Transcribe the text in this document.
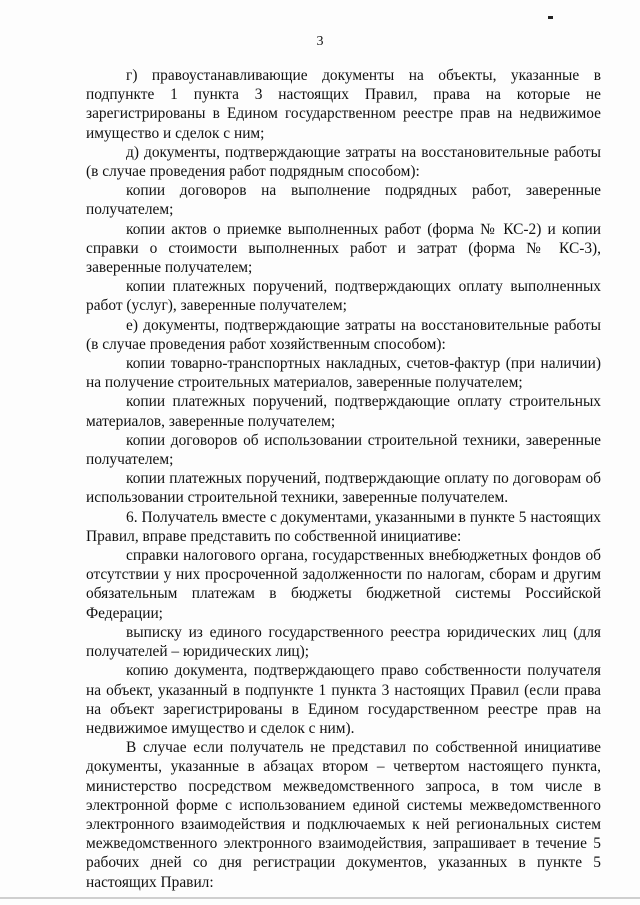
3

г) правоустанавливающие документы на объекты, указанные в подпункте 1 пункта 3 настоящих Правил, права на которые не зарегистрированы в Едином государственном реестре прав на недвижимое имущество и сделок с ним;

д) документы, подтверждающие затраты на восстановительные работы (в случае проведения работ подрядным способом):

копии договоров на выполнение подрядных работ, заверенные получателем;

копии актов о приемке выполненных работ (форма № КС-2) и копии справки о стоимости выполненных работ и затрат (форма № КС-3), заверенные получателем;

копии платежных поручений, подтверждающих оплату выполненных работ (услуг), заверенные получателем;

е) документы, подтверждающие затраты на восстановительные работы (в случае проведения работ хозяйственным способом):

копии товарно-транспортных накладных, счетов-фактур (при наличии) на получение строительных материалов, заверенные получателем;

копии платежных поручений, подтверждающие оплату строительных материалов, заверенные получателем;

копии договоров об использовании строительной техники, заверенные получателем;

копии платежных поручений, подтверждающие оплату по договорам об использовании строительной техники, заверенные получателем.

6. Получатель вместе с документами, указанными в пункте 5 настоящих Правил, вправе представить по собственной инициативе:

справки налогового органа, государственных внебюджетных фондов об отсутствии у них просроченной задолженности по налогам, сборам и другим обязательным платежам в бюджеты бюджетной системы Российской Федерации;

выписку из единого государственного реестра юридических лиц (для получателей – юридических лиц);

копию документа, подтверждающего право собственности получателя на объект, указанный в подпункте 1 пункта 3 настоящих Правил (если права на объект зарегистрированы в Едином государственном реестре прав на недвижимое имущество и сделок с ним).

В случае если получатель не представил по собственной инициативе документы, указанные в абзацах втором – четвертом настоящего пункта, министерство посредством межведомственного запроса, в том числе в электронной форме с использованием единой системы межведомственного электронного взаимодействия и подключаемых к ней региональных систем межведомственного электронного взаимодействия, запрашивает в течение 5 рабочих дней со дня регистрации документов, указанных в пункте 5 настоящих Правил:
